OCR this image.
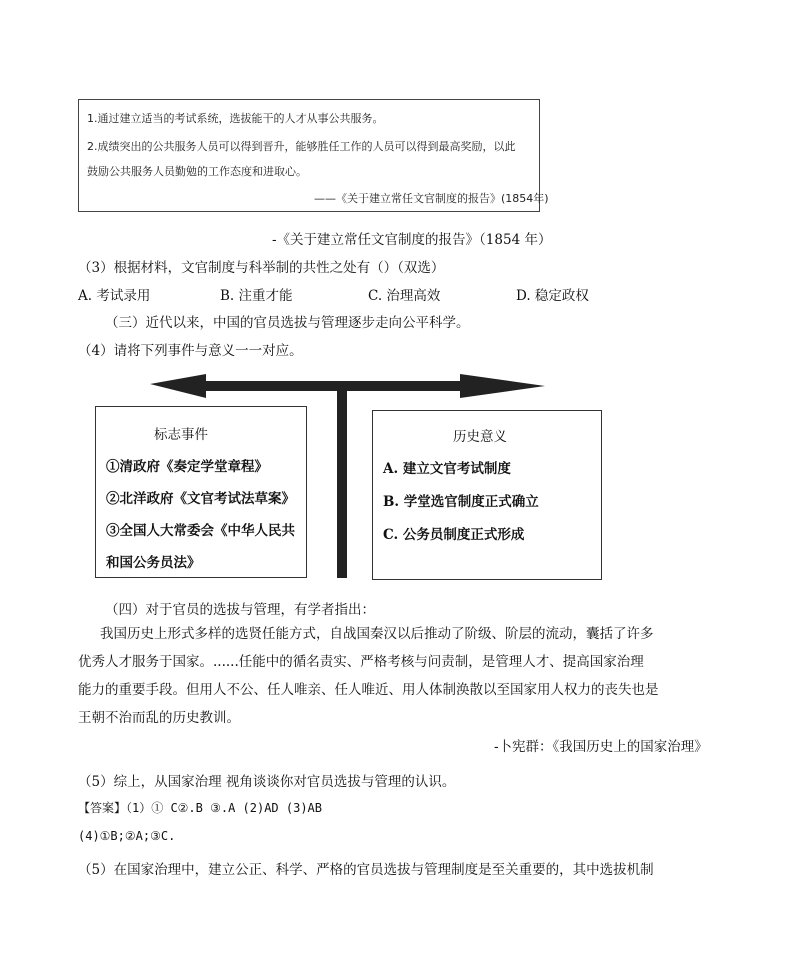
1.通过建立适当的考试系统，选拔能干的人才从事公共服务。
2.成绩突出的公共服务人员可以得到晋升，能够胜任工作的人员可以得到最高奖励，以此
鼓励公共服务人员勤勉的工作态度和进取心。
——《关于建立常任文官制度的报告》(1854年)
-《关于建立常任文官制度的报告》（1854 年）
（3）根据材料，文官制度与科举制的共性之处有（）（双选）
A. 考试录用	B. 注重才能	C. 治理高效	D. 稳定政权
（三）近代以来，中国的官员选拔与管理逐步走向公平科学。
（4）请将下列事件与意义一一对应。
标志事件
①清政府《奏定学堂章程》
②北洋政府《文官考试法草案》
③全国人大常委会《中华人民共
和国公务员法》
历史意义
A. 建立文官考试制度
B. 学堂选官制度正式确立
C. 公务员制度正式形成
（四）对于官员的选拔与管理，有学者指出：
我国历史上形式多样的选贤任能方式，自战国秦汉以后推动了阶级、阶层的流动，囊括了许多
优秀人才服务于国家。......任能中的循名责实、严格考核与问责制，是管理人才、提高国家治理
能力的重要手段。但用人不公、任人唯亲、任人唯近、用人体制涣散以至国家用人权力的丧失也是
王朝不治而乱的历史教训。
-卜宪群：《我国历史上的国家治理》
（5）综上，从国家治理 视角谈谈你对官员选拔与管理的认识。
【答案】（1）① C②.B ③.A (2)AD (3)AB
(4)①B;②A;③C.
（5）在国家治理中，建立公正、科学、严格的官员选拔与管理制度是至关重要的，其中选拔机制
